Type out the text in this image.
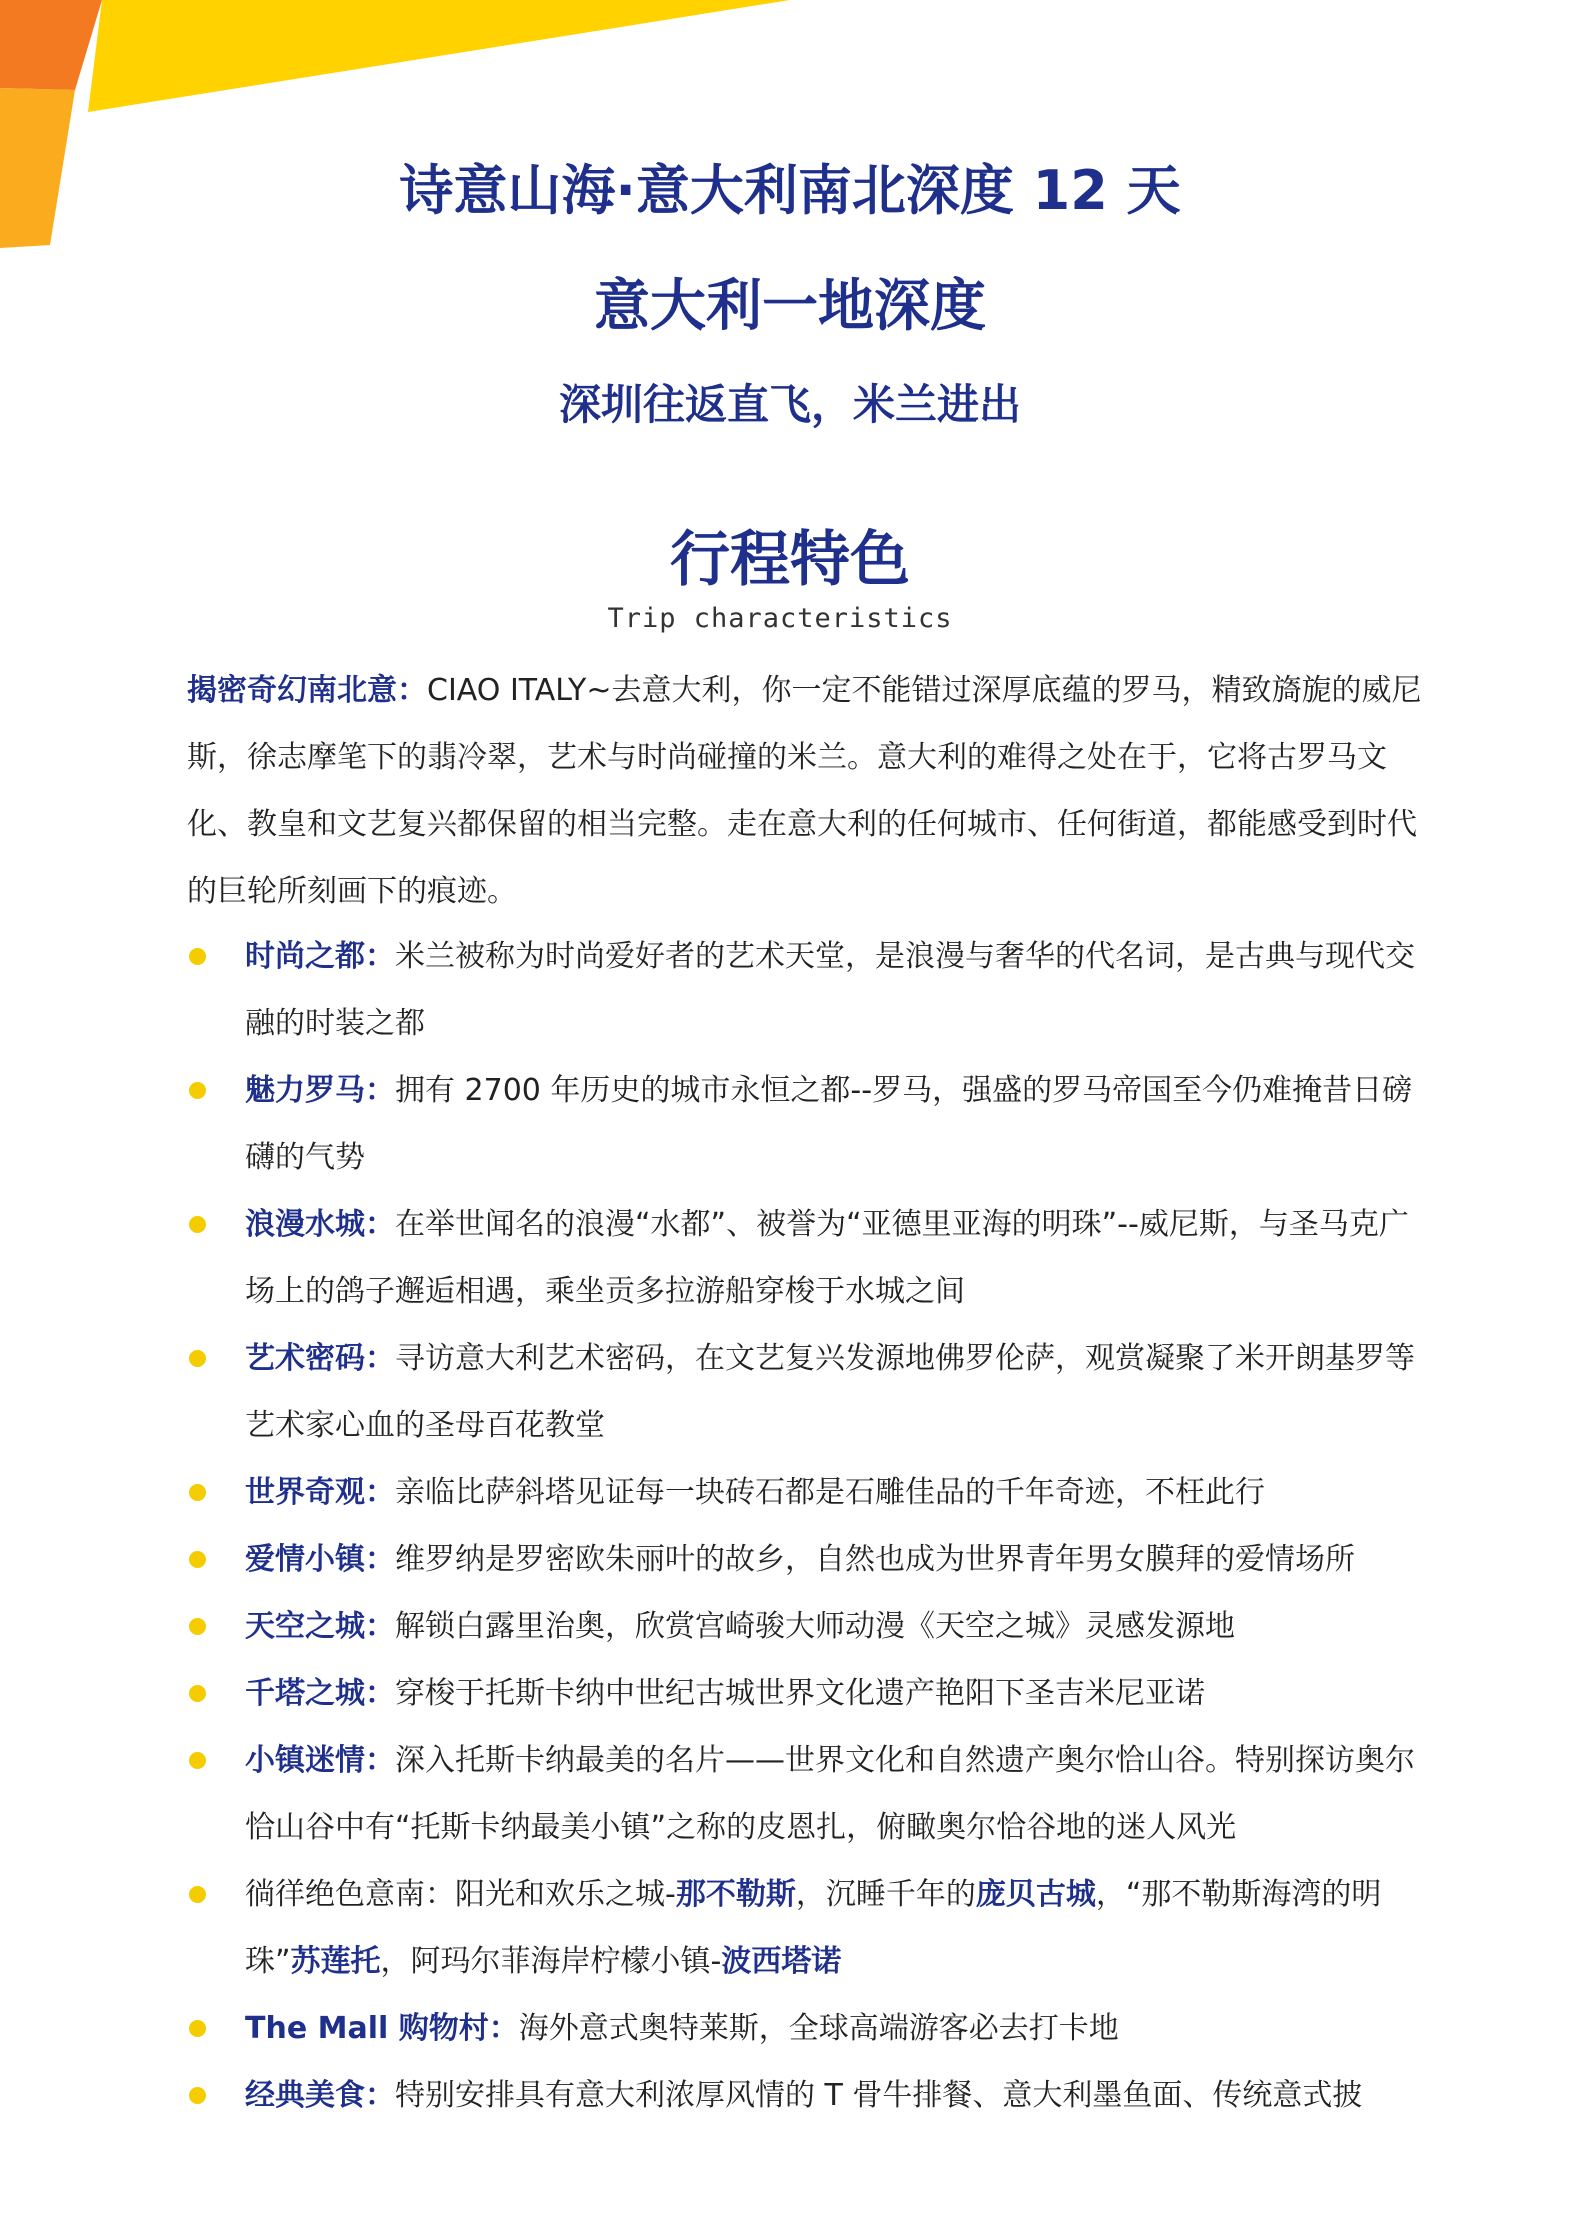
诗意山海·意大利南北深度 12 天
意大利一地深度
深圳往返直飞，米兰进出
行程特色
Trip characteristics

揭密奇幻南北意：CIAO ITALY~去意大利，你一定不能错过深厚底蕴的罗马，精致旖旎的威尼斯，徐志摩笔下的翡冷翠，艺术与时尚碰撞的米兰。意大利的难得之处在于，它将古罗马文化、教皇和文艺复兴都保留的相当完整。走在意大利的任何城市、任何街道，都能感受到时代的巨轮所刻画下的痕迹。

时尚之都：米兰被称为时尚爱好者的艺术天堂，是浪漫与奢华的代名词，是古典与现代交融的时装之都
魅力罗马：拥有 2700 年历史的城市永恒之都--罗马，强盛的罗马帝国至今仍难掩昔日磅礴的气势
浪漫水城：在举世闻名的浪漫“水都”、被誉为“亚德里亚海的明珠”--威尼斯，与圣马克广场上的鸽子邂逅相遇，乘坐贡多拉游船穿梭于水城之间
艺术密码：寻访意大利艺术密码，在文艺复兴发源地佛罗伦萨，观赏凝聚了米开朗基罗等艺术家心血的圣母百花教堂
世界奇观：亲临比萨斜塔见证每一块砖石都是石雕佳品的千年奇迹，不枉此行
爱情小镇：维罗纳是罗密欧朱丽叶的故乡，自然也成为世界青年男女膜拜的爱情场所
天空之城：解锁白露里治奥，欣赏宫崎骏大师动漫《天空之城》灵感发源地
千塔之城：穿梭于托斯卡纳中世纪古城世界文化遗产艳阳下圣吉米尼亚诺
小镇迷情：深入托斯卡纳最美的名片——世界文化和自然遗产奥尔恰山谷。特别探访奥尔恰山谷中有“托斯卡纳最美小镇”之称的皮恩扎，俯瞰奥尔恰谷地的迷人风光
徜徉绝色意南：阳光和欢乐之城-那不勒斯，沉睡千年的庞贝古城，“那不勒斯海湾的明珠”苏莲托，阿玛尔菲海岸柠檬小镇-波西塔诺
The Mall 购物村：海外意式奥特莱斯，全球高端游客必去打卡地
经典美食：特别安排具有意大利浓厚风情的 T 骨牛排餐、意大利墨鱼面、传统意式披
